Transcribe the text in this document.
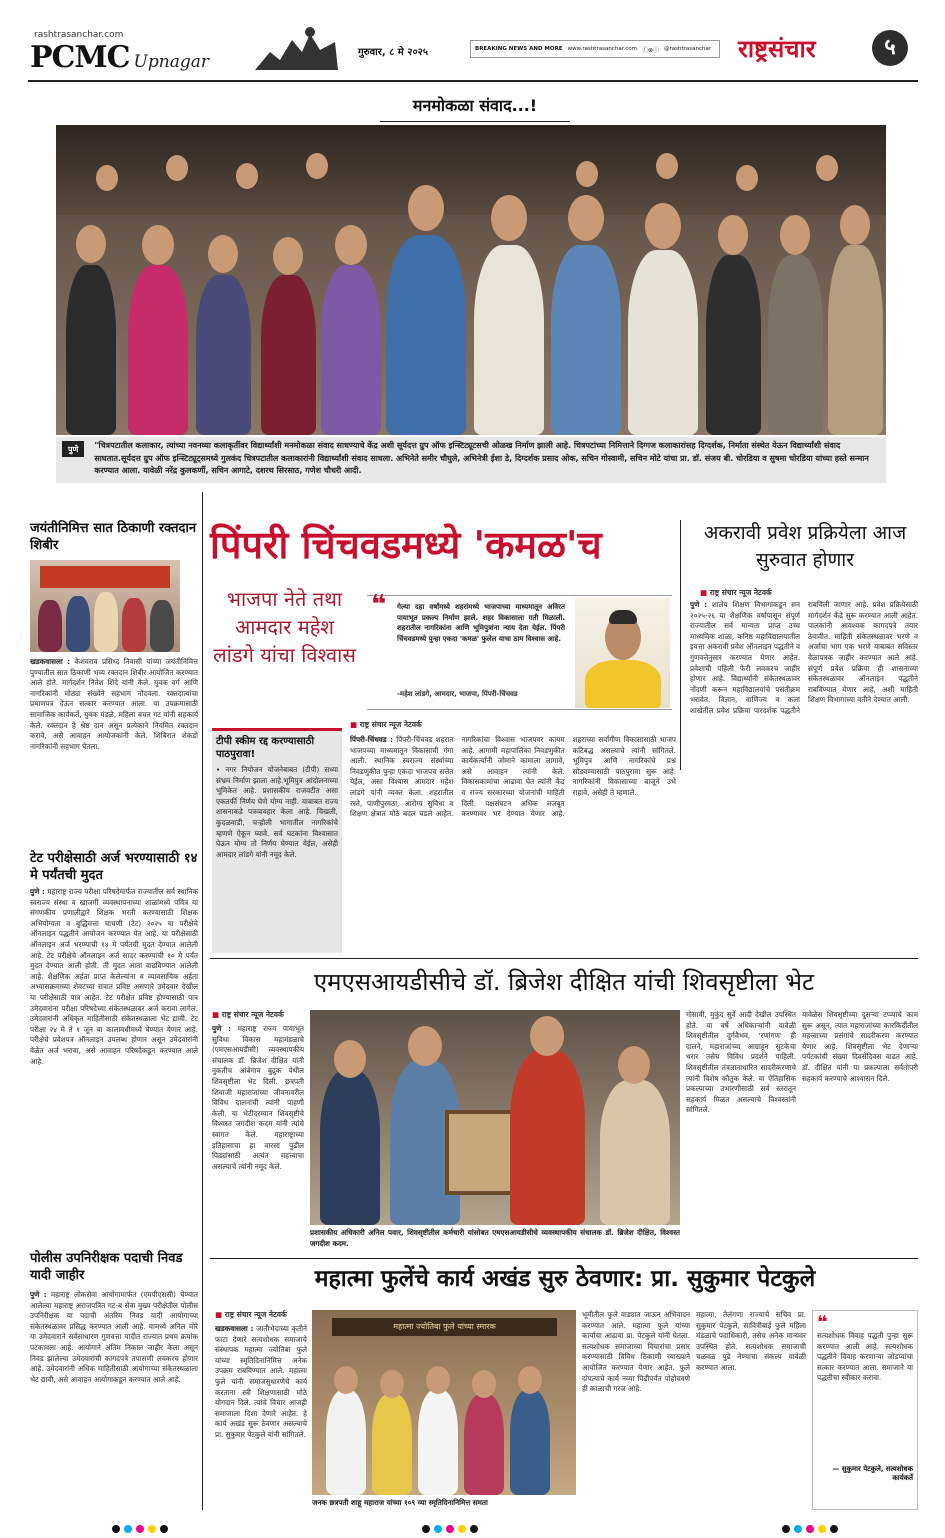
rashtrasanchar.com
PCMC Upnagar	गुरुवार, ८ मे २०२५	BREAKING NEWS AND MORE www.rashtrasanchar.com ⓕ⊗ⓘ @rashtrasanchar राष्ट्रसंचार	५
मनमोकळा संवाद...!
पुणे	"चित्रपटातील कलाकार, त्यांच्या नवनव्या कलाकृतींवर विद्यार्थ्यांशी मनमोकळा संवाद साधण्याचे केंद्र अशी सूर्यदत्त ग्रुप ऑफ इन्स्टिट्यूटसची ओळख निर्माण झाली आहे. चित्रपटांच्या निमित्ताने दिग्गज कलाकारांसह दिग्दर्शक, निर्माता संस्थेत येऊन विद्यार्थ्यांशी संवाद साधतात.सूर्यदत्त ग्रुप ऑफ इन्स्टिट्यूट्समध्ये गुलकंद चित्रपटातील कलाकारांनी विद्यार्थ्यांशी संवाद साधला. अभिनेते समीर चौघुले, अभिनेत्री ईशा डे, दिग्दर्शक प्रसाद ओक, सचिन गोस्वामी, सचिन मोटे यांचा प्रा. डॉ. संजय बी. चोरडिया व सुषमा चोरडिया यांच्या हस्ते सन्मान करण्यात आला. यावेळी नरेंद्र कुलकर्णी, सचिन आगाटे, दशरथ सिरसाठ, गणेश चौधरी आदी.
जयंतीनिमित्त सात ठिकाणी रक्तदान शिबीर
खडकवासला : केशवराव प्रसिध्द निवासी यांच्या जयंतीनिमित्त पुण्यातील सात ठिकाणी भव्य रक्तदान शिबीर आयोजित करण्यात आले होते. मार्गदर्शन नितेश शिंदे यांनी केले. युवक वर्ग आणि नागरिकांनी मोठ्या संख्येने सहभाग नोंदवला. रक्तदात्यांचा प्रमाणपत्र देऊन सत्कार करण्यात आला. या उपक्रमासाठी सामाजिक कार्यकर्ते, युवक मंडळे, महिला बचत गट यांनी सहकार्य केले. रक्तदान हे श्रेष्ठ दान असून प्रत्येकाने नियमित रक्तदान करावे, असे आवाहन आयोजकांनी केले. शिबिरात शेकडो नागरिकांनी सहभाग घेतला.
टेट परीक्षेसाठी अर्ज भरण्यासाठी १४ मे पर्यंतची मुदत
पुणे : महाराष्ट्र राज्य परीक्षा परिषदेमार्फत राज्यातील सर्व स्थानिक स्वराज्य संस्था व खाजगी व्यवस्थापनाच्या शाळांमध्ये पवित्र या संगणकीय प्रणालीद्वारे शिक्षक भरती करण्यासाठी शिक्षक अभियोग्यता व बुद्धिमत्ता चाचणी (टेट) २०२५ या परीक्षेचे ऑनलाइन पद्धतीने आयोजन करण्यात येत आहे. या परीक्षेसाठी ऑनलाइन अर्ज भरण्याची १४ मे पर्यंतची मुदत देण्यात आलेली आहे. टेट परीक्षेचे ऑनलाइन अर्ज सादर करण्याची १० मे पर्यंत मुदत देण्यात आली होती. ती मुदत आता वाढविण्यात आलेली आहे. शैक्षणिक अर्हता प्राप्त केलेल्यांना व व्यावसायिक अर्हता अभ्यासक्रमाच्या शेवटच्या सत्रात प्रविष्ट असणारे उमेदवार देखील या परीक्षेसाठी पात्र आहेत. टेट परीक्षेत प्रविष्ट होण्यासाठी पात्र उमेदवारांना परीक्षा परिषदेच्या संकेतस्थळावर अर्ज करावा लागेल. उमेदवारांनी अधिकृत माहितीसाठी संकेतस्थळाला भेट द्यावी. टेट परीक्षा २४ मे ते १ जून या कालावधीमध्ये घेण्यात येणार आहे. परीक्षेचे प्रवेशपत्र ऑनलाइन उपलब्ध होणार असून उमेदवारांनी वेळेत अर्ज भरावा, असे आवाहन परिषदेकडून करण्यात आले आहे.
पोलीस उपनिरीक्षक पदाची निवड यादी जाहीर
पुणे : महाराष्ट्र लोकसेवा आयोगामार्फत (एमपीएससी) घेण्यात आलेल्या महाराष्ट्र अराजपत्रित गट-ब सेवा मुख्य परीक्षेतील पोलीस उपनिरीक्षक या पदाची अंतरिम निवड यादी आयोगाच्या संकेतस्थळावर प्रसिद्ध करण्यात आली आहे. यामध्ये अनिल मोरे या उमेदवाराने सर्वसाधारण गुणवत्ता यादीत राज्यात प्रथम क्रमांक पटकावला आहे. आयोगाने अंतिम निकाल जाहीर केला असून निवड झालेल्या उमेदवारांची कागदपत्रे तपासणी लवकरच होणार आहे. उमेदवारांनी अधिक माहितीसाठी आयोगाच्या संकेतस्थळाला भेट द्यावी, असे आवाहन आयोगाकडून करण्यात आले आहे.
पिंपरी चिंचवडमध्ये 'कमळ'च
भाजपा नेते तथा आमदार महेश लांडगे यांचा विश्वास
❝ गेल्या दहा वर्षांमध्ये शहरांमध्ये भाजपाच्या माध्यमातून अविरत पायाभूत प्रकल्प निर्माण झाले. शहर विकासाला गती मिळाली. शहरातील नागरिकांना आणि भूमिपुत्रांना न्याय देता येईल. पिंपरी चिंचवडमध्ये पुन्हा एकदा 'कमळ' फुलेल याचा ठाम विश्वास आहे.
-महेश लांडगे, आमदार, भाजपा, पिंपरी-चिंचवड
टीपी स्कीम रद्द करण्यासाठी पाठपुरावा!
• नगर नियोजन योजनेबाबत (टीपी) सध्या संभ्रम निर्माण झाला आहे.भूमिपुत्र आंदोलनाच्या भूमिकेत आहे. प्रशासकीय राजवटीत असा एकतर्फी निर्णय घेणे योग्य नाही. याबाबत राज्य शासनाकडे पत्रव्यवहार केला आहे. चिखली, कुदळवाडी, चऱ्होली भागातील नागरिकांचे म्हणणे ऐकून घ्यावे. सर्व घटकांना विश्वासात घेऊन योग्य तो निर्णय घेण्यात येईल, असेही आमदार लांडगे यांनी नमूद केले.
■ राष्ट्र संचार न्यूज नेटवर्क
पिंपरी-चिंचवड : पिंपरी-चिंचवड शहरात भाजपच्या माध्यमातून विकासाची गंगा आली. स्थानिक स्वराज्य संस्थांच्या निवडणुकीत पुन्हा एकदा भाजपच सत्तेत येईल, असा विश्वास आमदार महेश लांडगे यांनी व्यक्त केला. शहरातील रस्ते, पाणीपुरवठा, आरोग्य सुविधा व शिक्षण क्षेत्रात मोठे बदल घडले आहेत. नागरिकांचा विश्वास भाजपवर कायम आहे. आगामी महापालिका निवडणुकीत कार्यकर्त्यांनी जोमाने कामाला लागावे, असे आवाहन त्यांनी केले. विकासकामांचा आढावा घेत त्यांनी केंद्र व राज्य सरकारच्या योजनांची माहिती दिली. पक्षसंघटन अधिक मजबूत करण्यावर भर देण्यात येणार आहे. शहराच्या सर्वांगीण विकासासाठी भाजप कटिबद्ध असल्याचे त्यांनी सांगितले. भूमिपुत्र आणि नागरिकांचे प्रश्न सोडवण्यासाठी पाठपुरावा सुरू आहे. नागरिकांनी विकासाच्या बाजूने उभे राहावे, असेही ते म्हणाले.
अकरावी प्रवेश प्रक्रियेला आज सुरुवात होणार
■ राष्ट्र संचार न्यूज नेटवर्क
पुणे : शालेय शिक्षण विभागाकडून सन २०२५-२६ या शैक्षणिक वर्षापासून संपूर्ण राज्यातील सर्व मान्यता प्राप्त उच्च माध्यमिक शाळा, कनिष्ठ महाविद्यालयातील इयत्ता अकरावी प्रवेश ऑनलाइन पद्धतीने व गुणवत्तेनुसार करण्यात येणार आहेत. प्रवेशाची पहिली फेरी लवकरच जाहीर होणार आहे. विद्यार्थ्यांनी संकेतस्थळावर नोंदणी करून महाविद्यालयांचे पसंतीक्रम भरावेत. विज्ञान, वाणिज्य व कला शाखेतील प्रवेश प्रक्रिया पारदर्शक पद्धतीने राबविली जाणार आहे. प्रवेश प्रक्रियेसाठी मार्गदर्शन केंद्रे सुरू करण्यात आली आहेत. पालकांनी आवश्यक कागदपत्रे तयार ठेवावीत. माहिती संकेतस्थळावर भरणे व अर्जाचा भाग एक भरणे याबाबत सविस्तर वेळापत्रक जाहीर करण्यात आले आहे. संपूर्ण प्रवेश प्रक्रिया ही शासनाच्या संकेतस्थळावर ऑनलाइन पद्धतीने राबविण्यात येणार आहे, अशी माहिती शिक्षण विभागाच्या वतीने देण्यात आली.
एमएसआयडीसीचे डॉ. ब्रिजेश दीक्षित यांची शिवसृष्टीला भेट
■ राष्ट्र संचार न्यूज नेटवर्क
पुणे : महाराष्ट्र राज्य पायाभूत सुविधा विकास महामंडळाचे (एमएसआयडीसी) व्यवस्थापकीय संचालक डॉ. ब्रिजेश दीक्षित यांनी नुकतीच आंबेगाव बुद्रुक येथील शिवसृष्टीला भेट दिली. छत्रपती शिवाजी महाराजांच्या जीवनावरील विविध दालनांची त्यांनी पाहणी केली. या भेटीदरम्यान शिवसृष्टीचे विश्वस्त जगदीश कदम यांनी त्यांचे स्वागत केले. महाराष्ट्राच्या इतिहासाचा हा वारसा पुढील पिढ्यांसाठी अत्यंत महत्त्वाचा असल्याचे त्यांनी नमूद केले.
प्रशासकीय अधिकारी अनिल पवार, शिवसृष्टीतील कर्मचारी यांसोबत एमएसआयडीसीचे व्यवस्थापकीय संचालक डॉ. ब्रिजेश दीक्षित, विश्वस्त जगदीश कदम.
गोसावी, मुकुंद सुर्वे आदी देखील उपस्थित होते. या वर्षे अधिकाऱ्यांनी यावेळी शिवसृष्टीतील दुर्गवैभव, 'रणांगण' ही दालने, महाराजांच्या आग्राहून सुटकेचा थरार तसेच विविध प्रदर्शने पाहिली. शिवसृष्टीतील तंत्रज्ञानाधारित सादरीकरणाचे त्यांनी विशेष कौतुक केले. या ऐतिहासिक प्रकल्पाच्या उभारणीसाठी सर्व स्तरातून सहकार्य मिळत असल्याचे विश्वस्तांनी सांगितले.
यावेळेस शिवसृष्टीच्या दुसऱ्या टप्प्याचे काम सुरू असून, त्यात महाराजांच्या कारकिर्दीतील महत्त्वाच्या प्रसंगांचे सादरीकरण करण्यात येणार आहे. शिवसृष्टीला भेट देणाऱ्या पर्यटकांची संख्या दिवसेंदिवस वाढत आहे. डॉ. दीक्षित यांनी या प्रकल्पाला सर्वतोपरी सहकार्य करण्याचे आश्वासन दिले.
महात्मा फुलेंचे कार्य अखंड सुरु ठेवणार: प्रा. सुकुमार पेटकुले
■ राष्ट्र संचार न्यूज नेटवर्क
खडकवासला : जातीभेदाच्या कृतीने फाटा देणारे सत्यशोधक समाजाचे संस्थापक महात्मा ज्योतिबा फुले यांच्या स्मृतिदिनानिमित्त अनेक उपक्रम राबविण्यात आले. महात्मा फुले यांनी समाजसुधारणेचे कार्य करताना स्त्री शिक्षणासाठी मोठे योगदान दिले. त्यांचे विचार आजही समाजाला दिशा देणारे आहेत. हे कार्य अखंड सुरू ठेवणार असल्याचे प्रा. सुकुमार पेटकुले यांनी सांगितले.
महात्मा ज्योतिबा फुले यांच्या स्मारक
जनक छत्रपती शाहू महाराज यांच्या १०९ व्या स्मृतिदिनानिमित्त समता
भूमीतील फुले वाड्यात जाऊन अभिवादन करण्यात आले. महात्मा फुले यांच्या कार्याचा आढावा प्रा. पेटकुले यांनी घेतला. सत्यशोधक समाजाच्या विचारांचा प्रसार करण्यासाठी विविध ठिकाणी व्याख्याने आयोजित करण्यात येणार आहेत. फुले दांपत्याचे कार्य नव्या पिढीपर्यंत पोहोचवणे ही काळाची गरज आहे.
महात्मा, तेलंगणा राज्याचे सचिव प्रा. सुकुमार पेटकुले, सावित्रीबाई फुले महिला मंडळाचे पदाधिकारी, तसेच अनेक मान्यवर उपस्थित होते. सत्यशोधक समाजाची चळवळ पुढे नेण्याचा संकल्प यावेळी करण्यात आला.
❝
सत्यशोधक विवाह पद्धती पुन्हा सुरू करण्यात आली आहे. सत्यशोधक पद्धतीने विवाह करणाऱ्या जोडप्यांचा सत्कार करण्यात आला. समाजाने या पद्धतीचा स्वीकार करावा.
— सुकुमार पेटकुले, सत्यशोधक कार्यकर्ते
